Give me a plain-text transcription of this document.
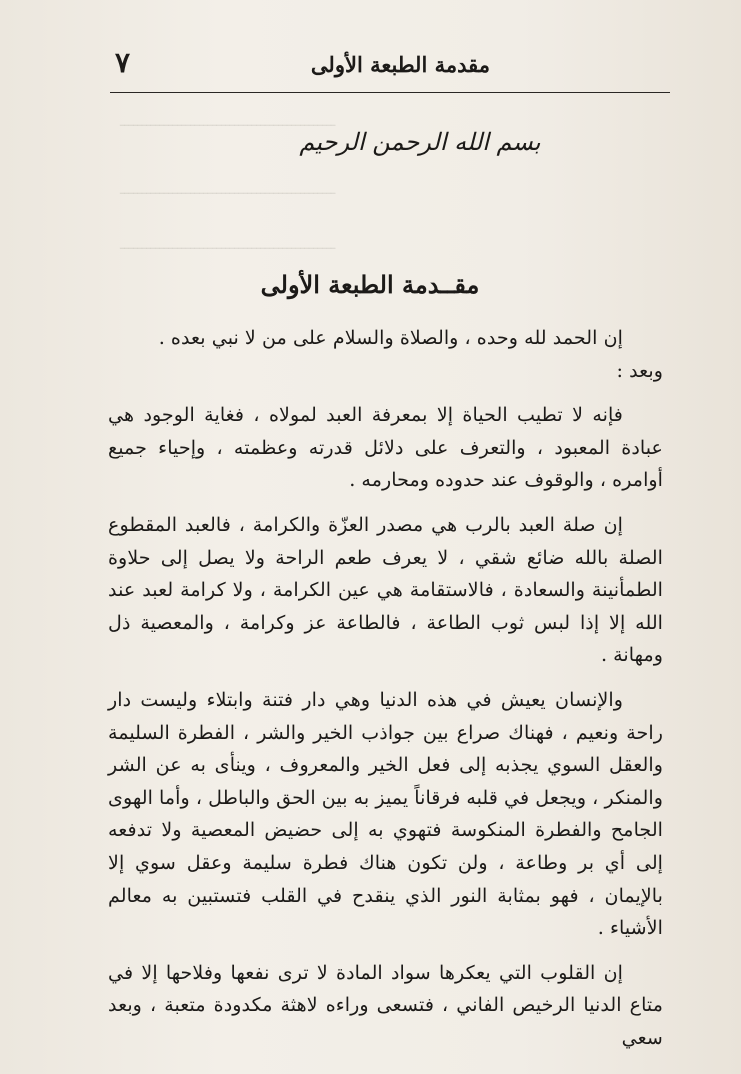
ـــــــــــــــــــــــــــــــــــــــــــــــــ
ـــــــــــــــــــــــــــــــــــــــــــــــــ
ـــــــــــــــــــــــــــــــــــــــــــــــــ
مقدمة الطبعة الأولى
٧
بسم الله الرحمن الرحيم
مقــدمة الطبعة الأولى

إن الحمد لله وحده ، والصلاة والسلام على من لا نبي بعده .

وبعد :

فإنه لا تطيب الحياة إلا بمعرفة العبد لمولاه ، فغاية الوجود هي عبادة المعبود ، والتعرف على دلائل قدرته وعظمته ، وإحياء جميع أوامره ، والوقوف عند حدوده ومحارمه .

إن صلة العبد بالرب هي مصدر العزّة والكرامة ، فالعبد المقطوع الصلة بالله ضائع شقي ، لا يعرف طعم الراحة ولا يصل إلى حلاوة الطمأنينة والسعادة ، فالاستقامة هي عين الكرامة ، ولا كرامة لعبد عند الله إلا إذا لبس ثوب الطاعة ، فالطاعة عز وكرامة ، والمعصية ذل ومهانة .

والإنسان يعيش في هذه الدنيا وهي دار فتنة وابتلاء وليست دار راحة ونعيم ، فهناك صراع بين جواذب الخير والشر ، الفطرة السليمة والعقل السوي يجذبه إلى فعل الخير والمعروف ، وينأى به عن الشر والمنكر ، ويجعل في قلبه فرقاناً يميز به بين الحق والباطل ، وأما الهوى الجامح والفطرة المنكوسة فتهوي به إلى حضيض المعصية ولا تدفعه إلى أي بر وطاعة ، ولن تكون هناك فطرة سليمة وعقل سوي إلا بالإيمان ، فهو بمثابة النور الذي ينقدح في القلب فتستبين به معالم الأشياء .

إن القلوب التي يعكرها سواد المادة لا ترى نفعها وفلاحها إلا في متاع الدنيا الرخيص الفاني ، فتسعى وراءه لاهثة مكدودة متعبة ، وبعد سعي
